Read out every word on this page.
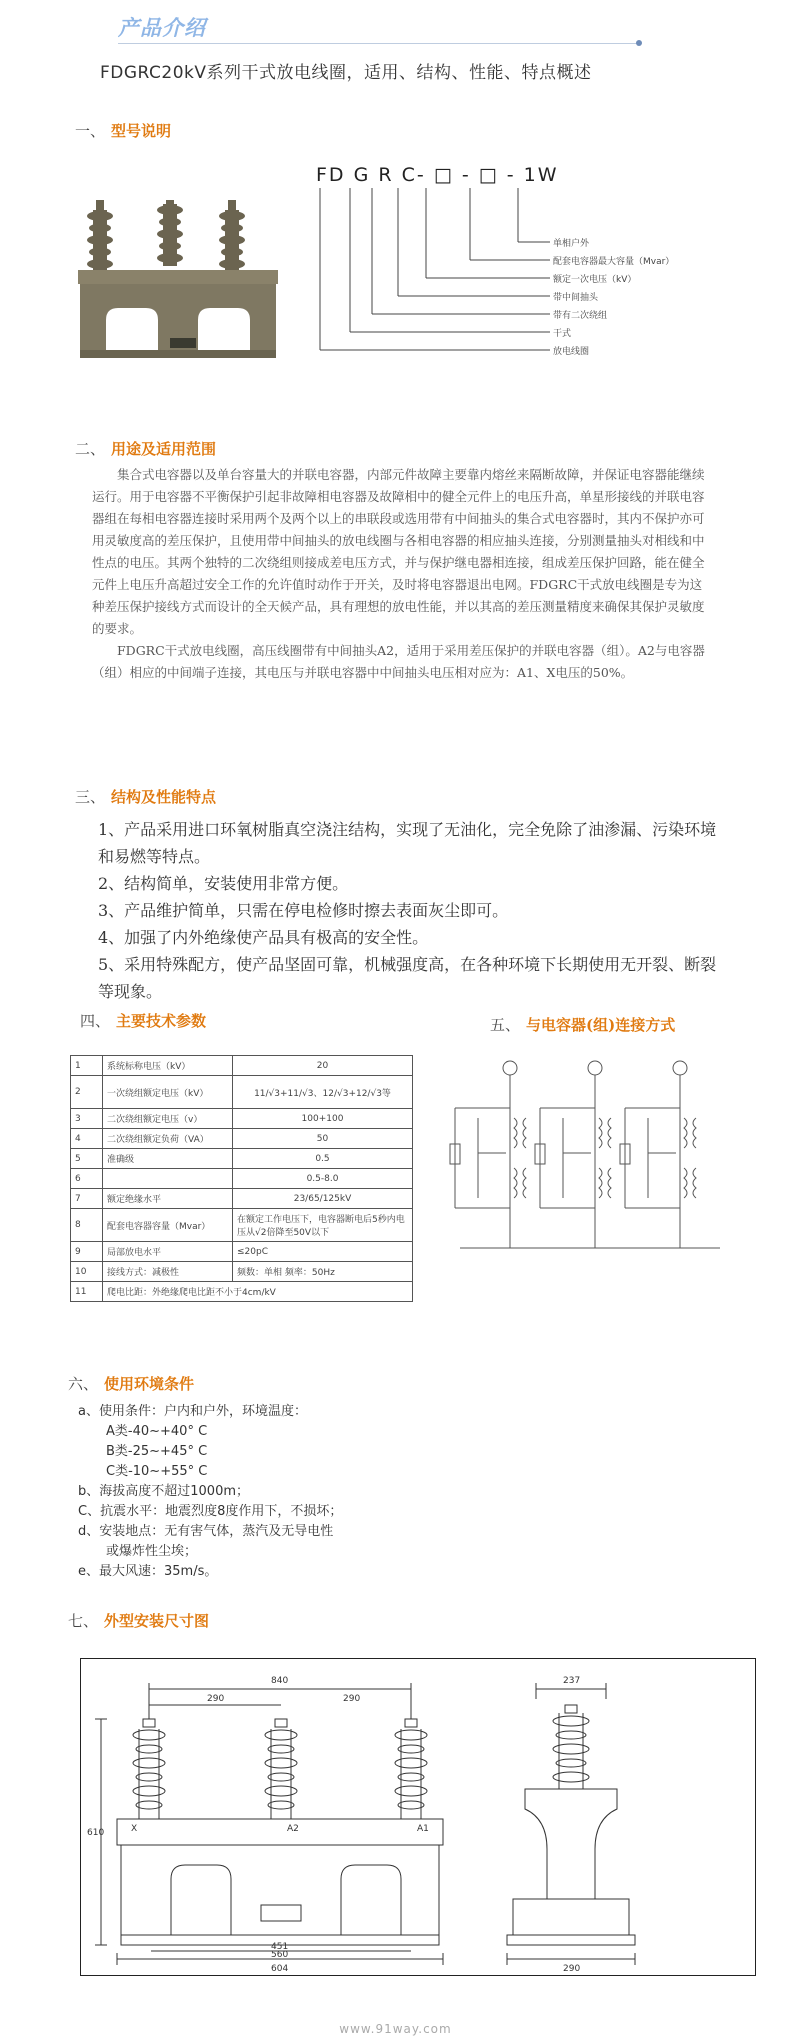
产品介绍
FDGRC20kV系列干式放电线圈，适用、结构、性能、特点概述
一、 型号说明
FD G R C- □ - □ - 1W
单相户外
配套电容器最大容量（Mvar）
额定一次电压（kV）
带中间抽头
带有二次绕组
干式
放电线圈
二、 用途及适用范围

集合式电容器以及单台容量大的并联电容器，内部元件故障主要靠内熔丝来隔断故障，并保证电容器能继续运行。用于电容器不平衡保护引起非故障相电容器及故障相中的健全元件上的电压升高，单星形接线的并联电容器组在每相电容器连接时采用两个及两个以上的串联段或选用带有中间抽头的集合式电容器时，其内不保护亦可用灵敏度高的差压保护，且使用带中间抽头的放电线圈与各相电容器的相应抽头连接，分别测量抽头对相线和中性点的电压。其两个独特的二次绕组则接成差电压方式，并与保护继电器相连接，组成差压保护回路，能在健全元件上电压升高超过安全工作的允许值时动作于开关，及时将电容器退出电网。FDGRC干式放电线圈是专为这种差压保护接线方式而设计的全天候产品，具有理想的放电性能，并以其高的差压测量精度来确保其保护灵敏度的要求。

FDGRC干式放电线圈，高压线圈带有中间抽头A2，适用于采用差压保护的并联电容器（组）。A2与电容器（组）相应的中间端子连接，其电压与并联电容器中中间抽头电压相对应为：A1、X电压的50%。

三、 结构及性能特点
1、产品采用进口环氧树脂真空浇注结构，实现了无油化，完全免除了油渗漏、污染环境和易燃等特点。
2、结构简单，安装使用非常方便。
3、产品维护简单，只需在停电检修时擦去表面灰尘即可。
4、加强了内外绝缘使产品具有极高的安全性。
5、采用特殊配方，使产品坚固可靠，机械强度高，在各种环境下长期使用无开裂、断裂等现象。
四、 主要技术参数
1	系统标称电压（kV）	20
2	一次绕组额定电压（kV）	11/√3+11/√3、12/√3+12/√3等
3	二次绕组额定电压（v）	100+100
4	二次绕组额定负荷（VA）	50
5	准确级	0.5
6		0.5-8.0
7	额定绝缘水平	23/65/125kV
8	配套电容器容量（Mvar）	在额定工作电压下，电容器断电后5秒内电压从√2倍降至50V以下
9	局部放电水平	≤20pC
10	接线方式：减极性	频数：单相 频率：50Hz
11	爬电比距：外绝缘爬电比距不小于4cm/kV	
五、 与电容器(组)连接方式
六、 使用环境条件
a、使用条件：户内和户外，环境温度：
A类-40~+40° C
B类-25~+45° C
C类-10~+55° C
b、海拔高度不超过1000m；
C、抗震水平：地震烈度8度作用下，不损坏；
d、安装地点：无有害气体，蒸汽及无导电性
或爆炸性尘埃；
e、最大风速：35m/s。
七、 外型安装尺寸图
840
290	290
610
451
560
604
237
290
X	A2	A1
www.91way.com
